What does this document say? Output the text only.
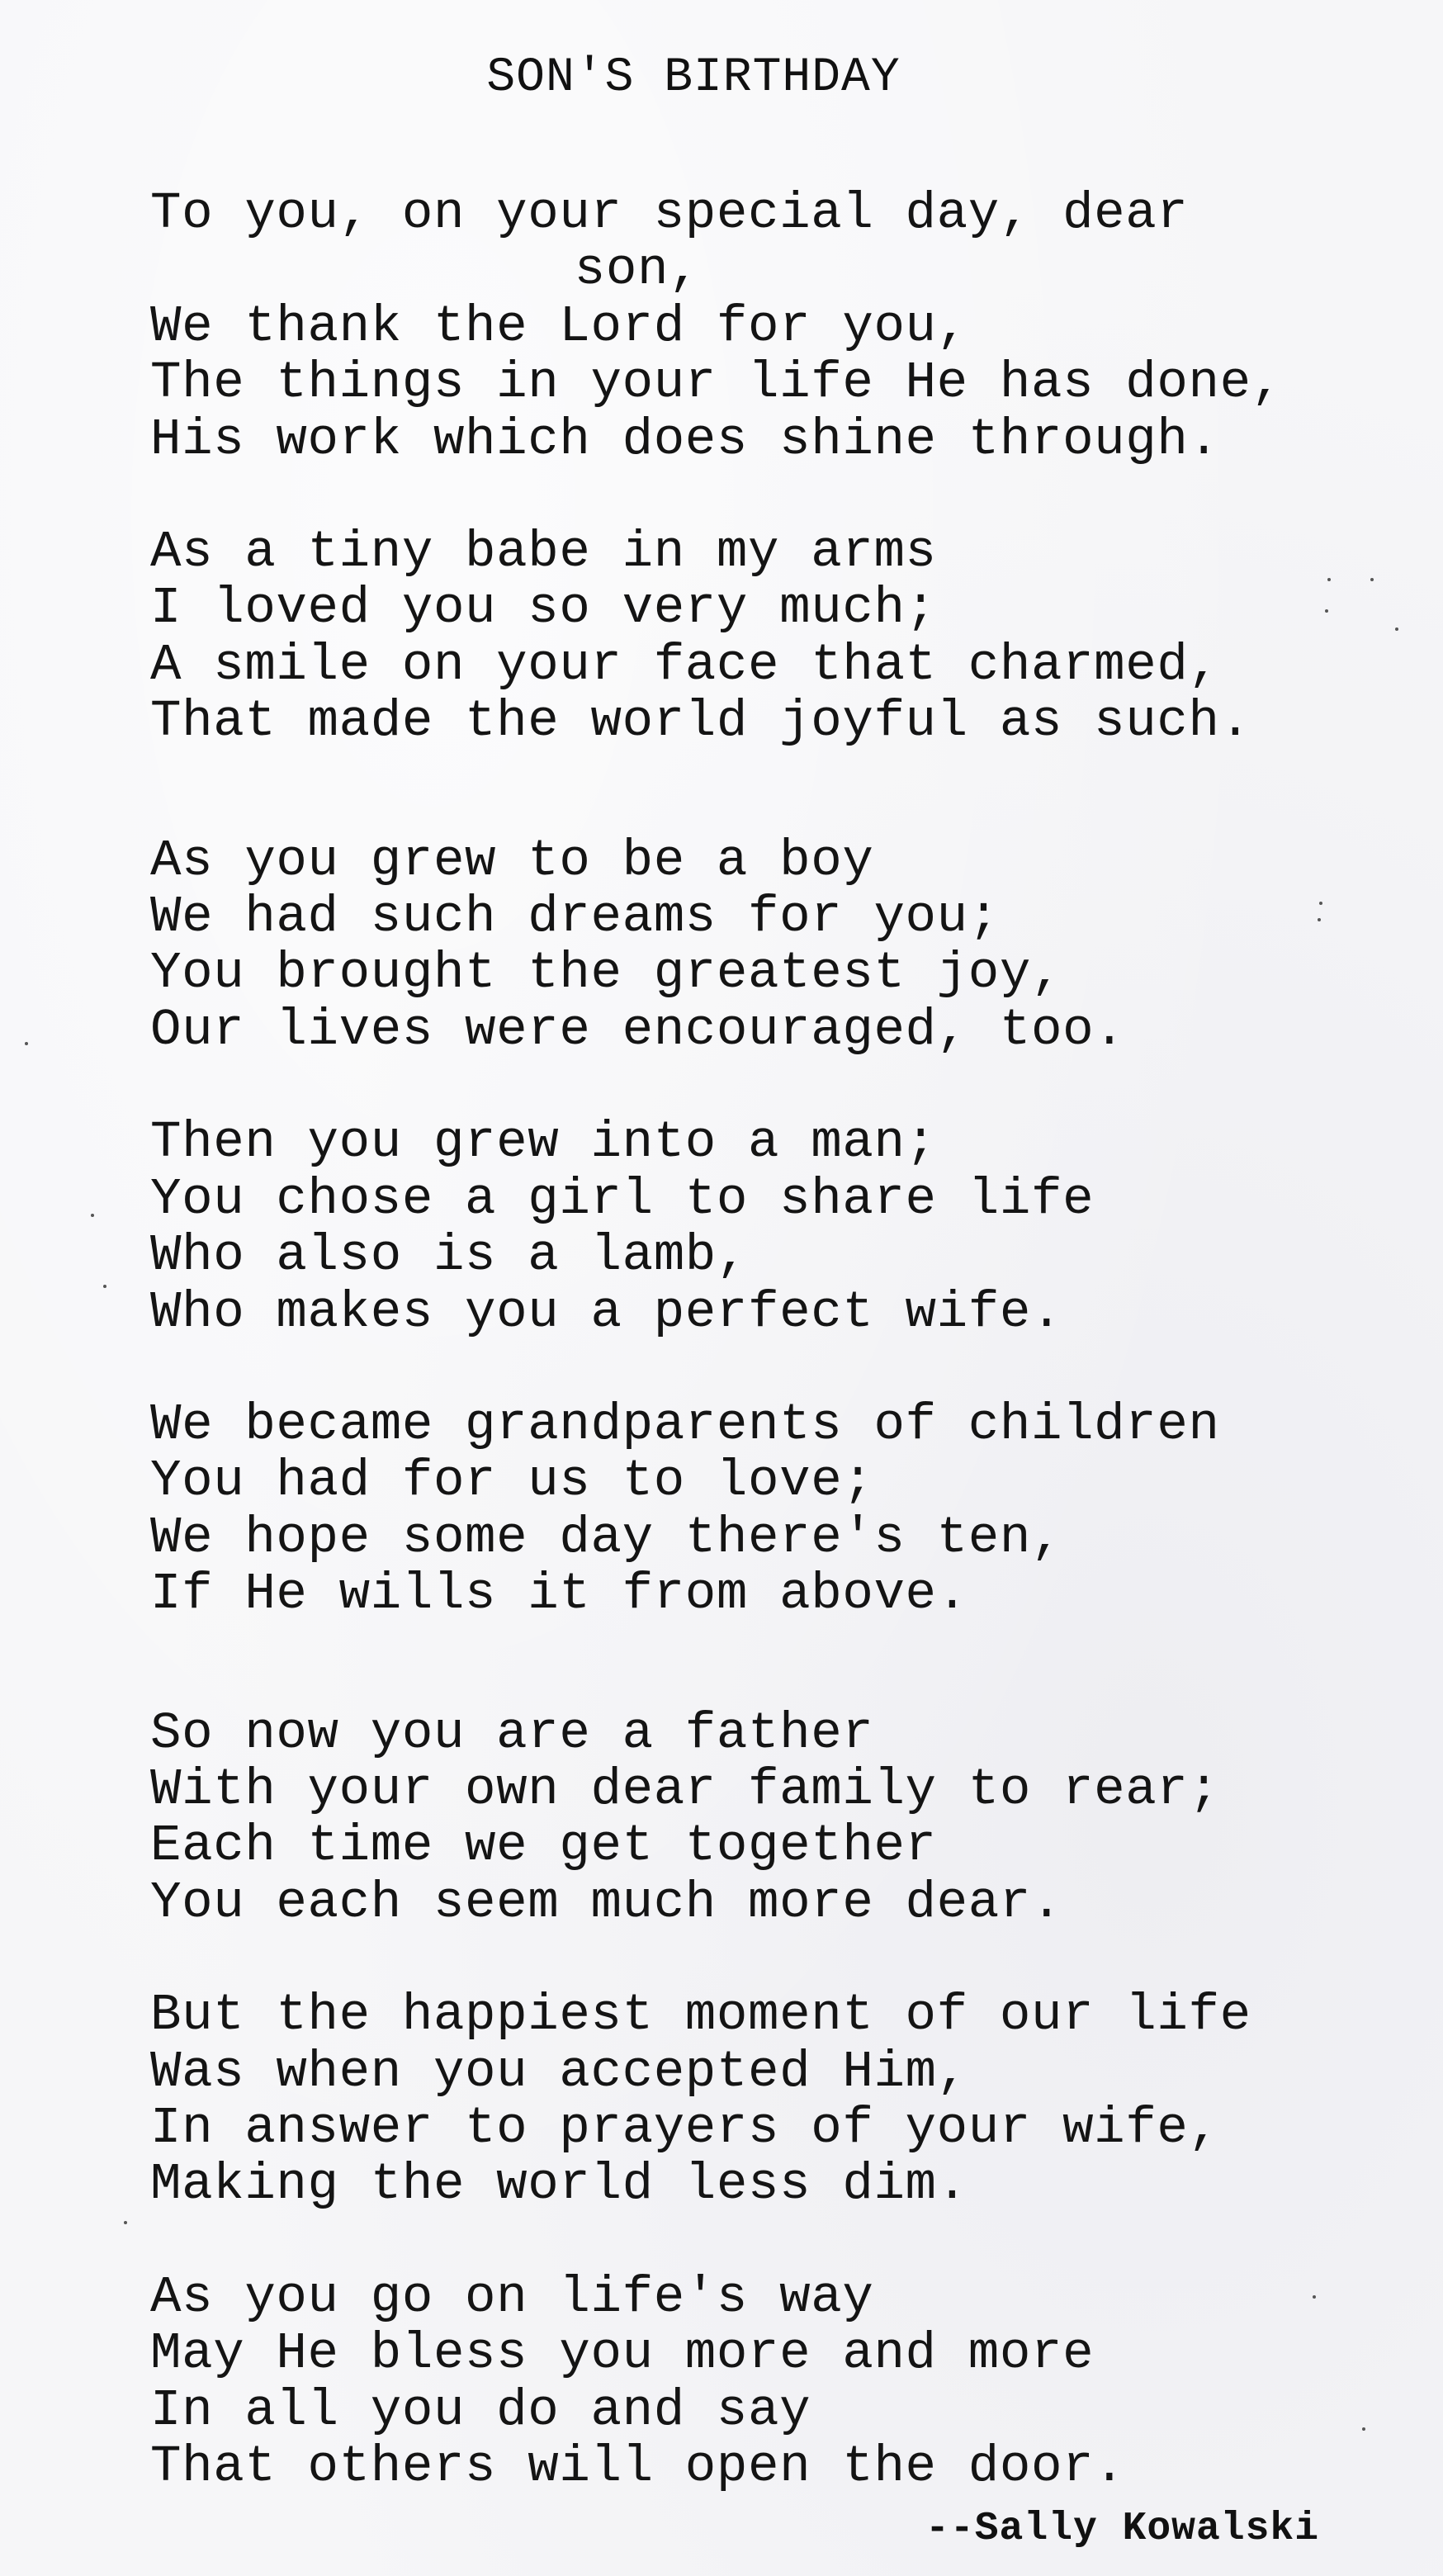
SON'S BIRTHDAY
To you, on your special day, dear
son,
We thank the Lord for you,
The things in your life He has done,
His work which does shine through.
As a tiny babe in my arms
I loved you so very much;
A smile on your face that charmed,
That made the world joyful as such.
As you grew to be a boy
We had such dreams for you;
You brought the greatest joy,
Our lives were encouraged, too.
Then you grew into a man;
You chose a girl to share life
Who also is a lamb,
Who makes you a perfect wife.
We became grandparents of children
You had for us to love;
We hope some day there's ten,
If He wills it from above.
So now you are a father
With your own dear family to rear;
Each time we get together
You each seem much more dear.
But the happiest moment of our life
Was when you accepted Him,
In answer to prayers of your wife,
Making the world less dim.
As you go on life's way
May He bless you more and more
In all you do and say
That others will open the door.
--Sally Kowalski
